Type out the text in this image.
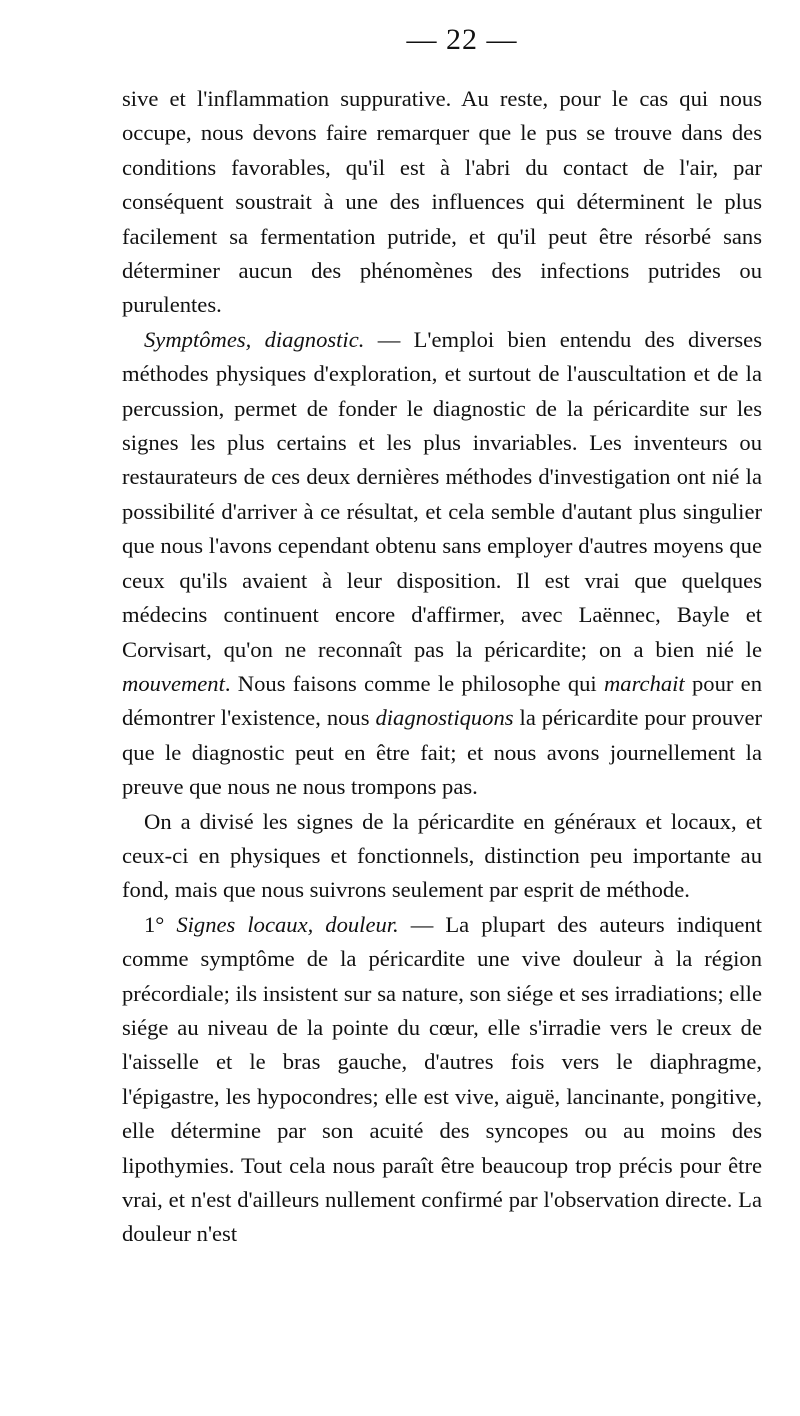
— 22 —

sive et l'inflammation suppurative. Au reste, pour le cas qui nous occupe, nous devons faire remarquer que le pus se trouve dans des conditions favorables, qu'il est à l'abri du contact de l'air, par conséquent soustrait à une des influences qui déterminent le plus facilement sa fermentation putride, et qu'il peut être résorbé sans déterminer aucun des phénomènes des infections putrides ou purulentes.

Symptômes, diagnostic. — L'emploi bien entendu des diverses méthodes physiques d'exploration, et surtout de l'auscultation et de la percussion, permet de fonder le diagnostic de la péricardite sur les signes les plus certains et les plus invariables. Les inventeurs ou restaurateurs de ces deux dernières méthodes d'investigation ont nié la possibilité d'arriver à ce résultat, et cela semble d'autant plus singulier que nous l'avons cependant obtenu sans employer d'autres moyens que ceux qu'ils avaient à leur disposition. Il est vrai que quelques médecins continuent encore d'affirmer, avec Laënnec, Bayle et Corvisart, qu'on ne reconnaît pas la péricardite; on a bien nié le mouvement. Nous faisons comme le philosophe qui marchait pour en démontrer l'existence, nous diagnostiquons la péricardite pour prouver que le diagnostic peut en être fait; et nous avons journellement la preuve que nous ne nous trompons pas.

On a divisé les signes de la péricardite en généraux et locaux, et ceux-ci en physiques et fonctionnels, distinction peu importante au fond, mais que nous suivrons seulement par esprit de méthode.

1° Signes locaux, douleur. — La plupart des auteurs indiquent comme symptôme de la péricardite une vive douleur à la région précordiale; ils insistent sur sa nature, son siége et ses irradiations; elle siége au niveau de la pointe du cœur, elle s'irradie vers le creux de l'aisselle et le bras gauche, d'autres fois vers le diaphragme, l'épigastre, les hypocondres; elle est vive, aiguë, lancinante, pongitive, elle détermine par son acuité des syncopes ou au moins des lipothymies. Tout cela nous paraît être beaucoup trop précis pour être vrai, et n'est d'ailleurs nullement confirmé par l'observation directe. La douleur n'est
